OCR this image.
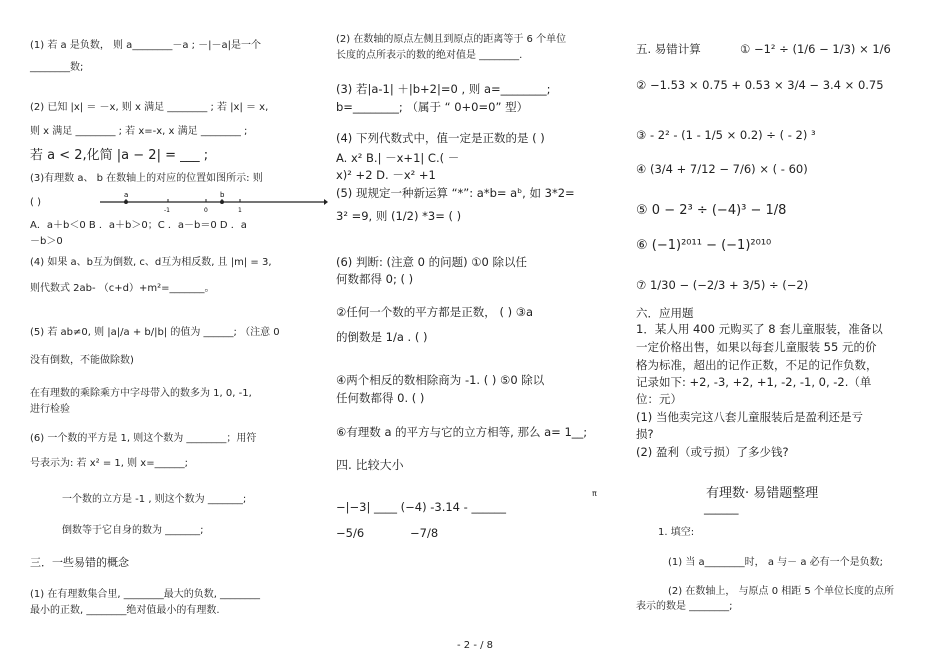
(1) 若 a 是负数， 则 a________－a ; －|－a|是一个
________数;
(2) 已知 |x| ＝ －x, 则 x 满足 ________ ; 若 |x| ＝ x,
则 x 满足 ________ ; 若 x=-x, x 满足 ________ ;
若 a < 2,化简 |a − 2| = ___ ;
(3)有理数 a、 b 在数轴上的对应的位置如图所示: 则
( )
a	b
-1	0	1
A．a＋b＜0 B ．a＋b＞0；C ．a－b＝0 D ．a
－b＞0
(4) 如果 a、b互为倒数, c、d互为相反数, 且 |m| = 3,
则代数式 2ab- （c+d）+m²=_______。
(5) 若 ab≠0, 则 |a|/a + b/|b| 的值为 ______; （注意 0
没有倒数，不能做除数)
在有理数的乘除乘方中字母带入的数多为 1, 0, -1,
进行检验
(6) 一个数的平方是 1, 则这个数为 ________；用符
号表示为: 若 x² = 1, 则 x=______;
一个数的立方是 -1 , 则这个数为 _______;
倒数等于它自身的数为 _______;
三．一些易错的概念
(1) 在有理数集合里, ________最大的负数, ________
最小的正数, ________绝对值最小的有理数.
(2) 在数轴的原点左侧且到原点的距离等于 6 个单位
长度的点所表示的数的绝对值是 ________.
(3) 若|a-1| ＋|b+2|=0 , 则 a=________;
b=________; （属于 “ 0+0=0” 型）
(4) 下列代数式中，值一定是正数的是 ( )
A. x² B.| －x+1| C.( －
x)² +2 D. －x² +1
(5) 现规定一种新运算 “*”: a*b= aᵇ, 如 3*2=
3² =9, 则 (1/2) *3= ( )
(6) 判断: (注意 0 的问题) ①0 除以任
何数都得 0; ( )
②任何一个数的平方都是正数， ( ) ③a
的倒数是 1/a . ( )
④两个相反的数相除商为 -1. ( ) ⑤0 除以
任何数都得 0. ( )
⑥有理数 a 的平方与它的立方相等, 那么 a= 1__;
四. 比较大小
−|−3| ____ (−4) -3.14 - ______
π
−5/6	−7/8
五. 易错计算	① −1² ÷ (1/6 − 1/3) × 1/6
② −1.53 × 0.75 + 0.53 × 3/4 − 3.4 × 0.75
③ - 2² - (1 - 1/5 × 0.2) ÷ ( - 2) ³
④ (3/4 + 7/12 − 7/6) × ( - 60)
⑤ 0 − 2³ ÷ (−4)³ − 1/8
⑥ (−1)²⁰¹¹ − (−1)²⁰¹⁰
⑦ 1/30 − (−2/3 + 3/5) ÷ (−2)
六．应用题
1．某人用 400 元购买了 8 套儿童服装，准备以
一定价格出售，如果以每套儿童服装 55 元的价
格为标准，超出的记作正数，不足的记作负数，
记录如下: +2, -3, +2, +1, -2, -1, 0, -2.（单
位：元）
(1) 当他卖完这八套儿童服装后是盈利还是亏
损?
(2) 盈利（或亏损）了多少钱?
有理数· 易错题整理
______
1. 填空:
(1) 当 a________时， a 与－ a 必有一个是负数;
(2) 在数轴上， 与原点 0 相距 5 个单位长度的点所
表示的数是 ________;
- 2 - / 8
